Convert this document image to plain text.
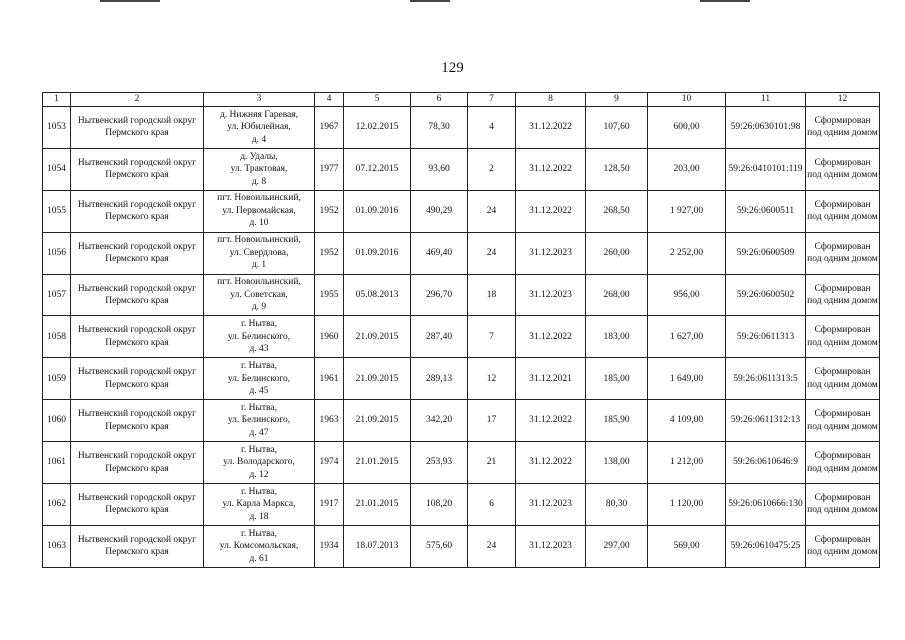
129
1	2	3	4	5	6	7	8	9	10	11	12
1053	Нытвенский городской округ Пермского края	д. Нижняя Гаревая,
ул. Юбилейная,
д. 4	1967	12.02.2015	78,30	4	31.12.2022	107,60	600,00	59:26:0630101:98	Сформирован
под одним домом
1054	Нытвенский городской округ Пермского края	д. Удалы,
ул. Трактовая,
д. 8	1977	07.12.2015	93,60	2	31.12.2022	128,50	203,00	59:26:0410101:119	Сформирован
под одним домом
1055	Нытвенский городской округ Пермского края	пгт. Новоильинский,
ул. Первомайская,
д. 10	1952	01.09.2016	490,29	24	31.12.2022	268,50	1 927,00	59:26:0600511	Сформирован
под одним домом
1056	Нытвенский городской округ Пермского края	пгт. Новоильинский,
ул. Свердлова,
д. 1	1952	01.09.2016	469,40	24	31.12.2023	260,00	2 252,00	59:26:0600509	Сформирован
под одним домом
1057	Нытвенский городской округ Пермского края	пгт. Новоильинский,
ул. Советская,
д. 9	1955	05.08.2013	296,70	18	31.12.2023	268,00	956,00	59:26:0600502	Сформирован
под одним домом
1058	Нытвенский городской округ Пермского края	г. Нытва,
ул. Белинского,
д. 43	1960	21.09.2015	287,40	7	31.12.2022	183,00	1 627,00	59:26:0611313	Сформирован
под одним домом
1059	Нытвенский городской округ Пермского края	г. Нытва,
ул. Белинского,
д. 45	1961	21.09.2015	289,13	12	31.12.2021	185,00	1 649,00	59:26:0611313:5	Сформирован
под одним домом
1060	Нытвенский городской округ Пермского края	г. Нытва,
ул. Белинского,
д. 47	1963	21.09.2015	342,20	17	31.12.2022	185,90	4 109,00	59:26:0611312:13	Сформирован
под одним домом
1061	Нытвенский городской округ Пермского края	г. Нытва,
ул. Володарского,
д. 12	1974	21.01.2015	253,93	21	31.12.2022	138,00	1 212,00	59:26:0610646:9	Сформирован
под одним домом
1062	Нытвенский городской округ Пермского края	г. Нытва,
ул. Карла Маркса,
д. 18	1917	21.01.2015	108,20	6	31.12.2023	80,30	1 120,00	59:26:0610666:130	Сформирован
под одним домом
1063	Нытвенский городской округ Пермского края	г. Нытва,
ул. Комсомольская,
д. 61	1934	18.07.2013	575,60	24	31.12.2023	297,00	569,00	59:26:0610475:25	Сформирован
под одним домом
